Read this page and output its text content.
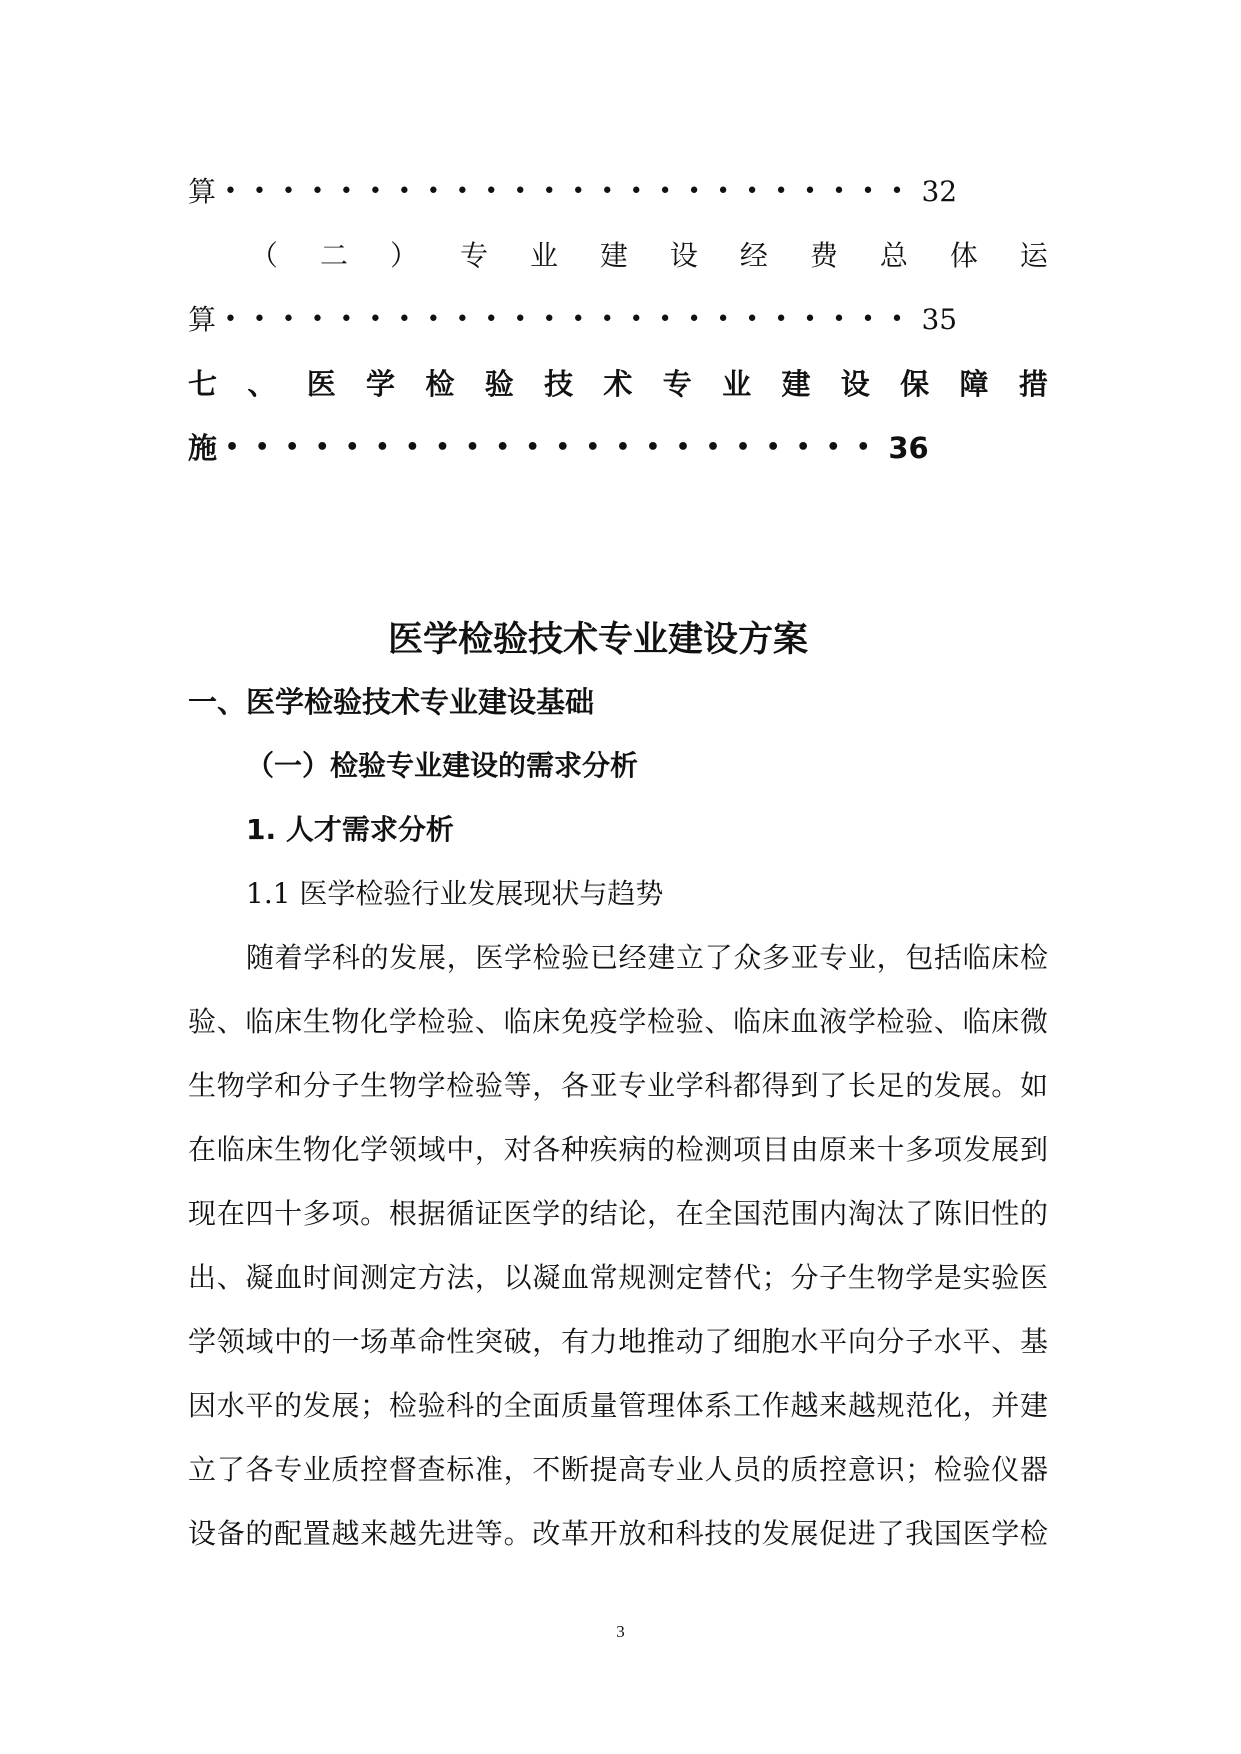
算 •••••••••••••••••••••••• 32
（ 二 ） 专 业 建 设 经 费 总 体 运
算 •••••••••••••••••••••••• 35
七 、 医 学 检 验 技 术 专 业 建 设 保 障 措
施 •••••••••••••••••••••• 36
医学检验技术专业建设方案
一、医学检验技术专业建设基础
（一）检验专业建设的需求分析
1. 人才需求分析
1.1 医学检验行业发展现状与趋势
随着学科的发展，医学检验已经建立了众多亚专业，包括临床检
验、临床生物化学检验、临床免疫学检验、临床血液学检验、临床微
生物学和分子生物学检验等，各亚专业学科都得到了长足的发展。如
在临床生物化学领域中，对各种疾病的检测项目由原来十多项发展到
现在四十多项。根据循证医学的结论，在全国范围内淘汰了陈旧性的
出、凝血时间测定方法，以凝血常规测定替代；分子生物学是实验医
学领域中的一场革命性突破，有力地推动了细胞水平向分子水平、基
因水平的发展；检验科的全面质量管理体系工作越来越规范化，并建
立了各专业质控督查标准，不断提高专业人员的质控意识；检验仪器
设备的配置越来越先进等。改革开放和科技的发展促进了我国医学检
3
